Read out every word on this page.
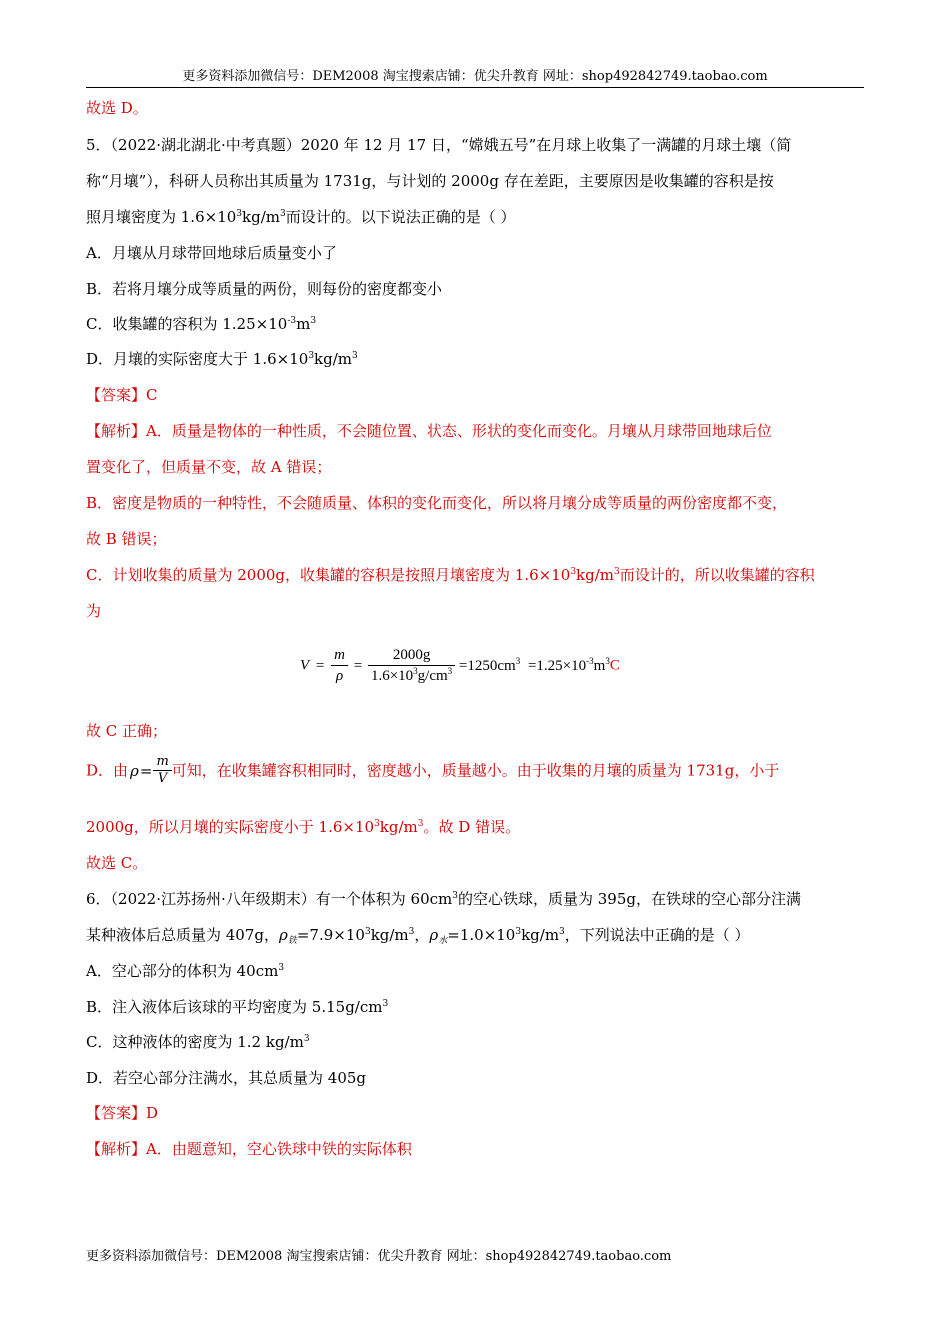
更多资料添加微信号：DEM2008 淘宝搜索店铺：优尖升教育 网址：shop492842749.taobao.com

故选 D。

5．（2022·湖北湖北·中考真题）2020 年 12 月 17 日，“嫦娥五号”在月球上收集了一满罐的月球土壤（简

称“月壤”），科研人员称出其质量为 1731g，与计划的 2000g 存在差距，主要原因是收集罐的容积是按

照月壤密度为 $1.6\times 10^3kg/m^3$而设计的。以下说法正确的是（ ）

A．月壤从月球带回地球后质量变小了

B．若将月壤分成等质量的两份，则每份的密度都变小

C．收集罐的容积为 $1.25\times 10^{-3}m^3$

D．月壤的实际密度大于 $1.6\times 10^3kg/m^3$

【答案】C

【解析】A．质量是物体的一种性质，不会随位置、状态、形状的变化而变化。月壤从月球带回地球后位

置变化了，但质量不变，故 A 错误；

B．密度是物质的一种特性，不会随质量、体积的变化而变化，所以将月壤分成等质量的两份密度都不变，

故 B 错误；

C．计划收集的质量为 2000g，收集罐的容积是按照月壤密度为 $1.6\times 10^3kg/m^3$而设计的，所以收集罐的容积

为

$V = \frac{m}{\rho} = \frac{2000g}{1.6\times 10^3g/cm^3} =1250cm^3 =1.25\times 10^{-3}m^3C$

故 C 正确；

D．由 $\rho= \frac{m}{V}$ 可知，在收集罐容积相同时，密度越小，质量越小。由于收集的月壤的质量为 1731g，小于

2000g，所以月壤的实际密度小于 $1.6\times 10^3kg/m^3$。故 D 错误。

故选 C。

6．（2022·江苏扬州·八年级期末）有一个体积为 $60cm^3$的空心铁球，质量为 395g，在铁球的空心部分注满

某种液体后总质量为 407g，$\rho_铁=7.9\times 10^3kg/m^3$，$\rho_水=1.0\times 10^3kg/m^3$，下列说法中正确的是（ ）

A．空心部分的体积为 $40cm^3$

B．注入液体后该球的平均密度为 $5.15g/cm^3$

C．这种液体的密度为 1.2 $kg/m^3$

D．若空心部分注满水，其总质量为 405g

【答案】D

【解析】A．由题意知，空心铁球中铁的实际体积

更多资料添加微信号：DEM2008 淘宝搜索店铺：优尖升教育 网址：shop492842749.taobao.com
